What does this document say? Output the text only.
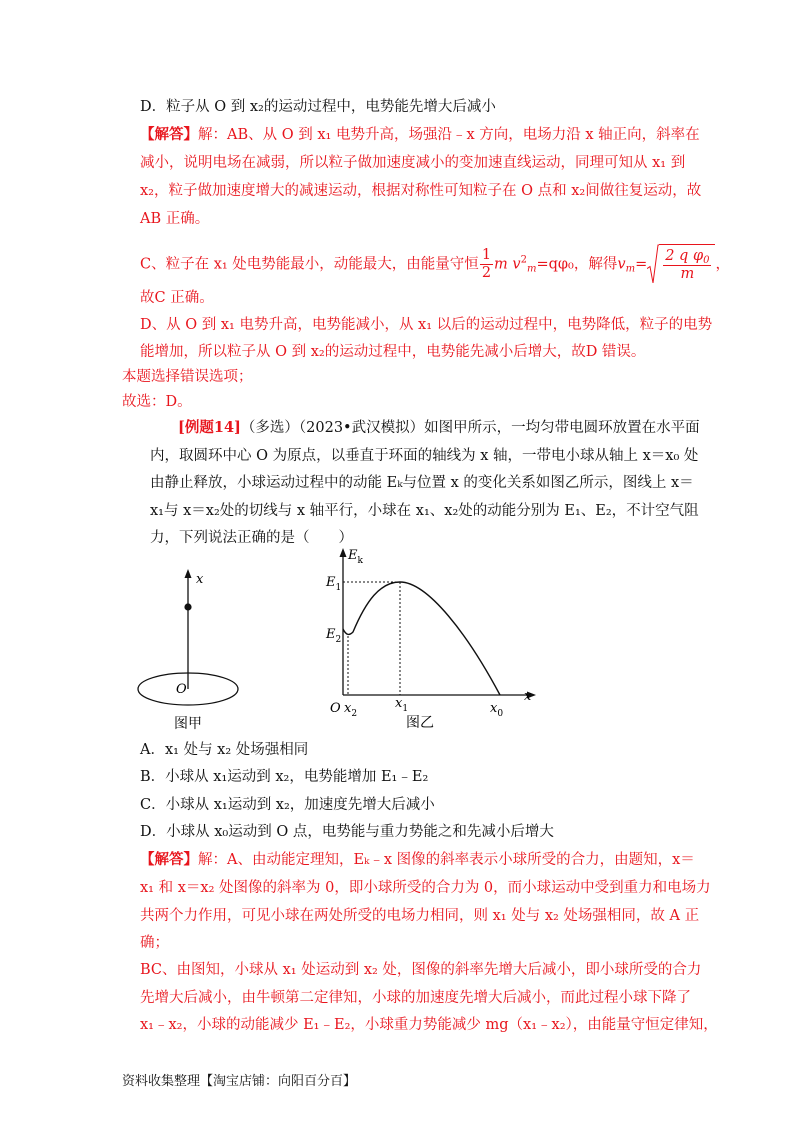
D．粒子从 O 到 x₂的运动过程中，电势能先增大后减小
【解答】解：AB、从 O 到 x₁ 电势升高，场强沿﹣x 方向，电场力沿 x 轴正向，斜率在
减小，说明电场在减弱，所以粒子做加速度减小的变加速直线运动，同理可知从 x₁ 到
x₂，粒子做加速度增大的减速运动，根据对称性可知粒子在 O 点和 x₂间做往复运动，故
AB 正确。
C、粒子在 x₁ 处电势能最小，动能最大，由能量守恒 $\frac{1}{2}$ m $v^2_m=q\varphi_0$，解得$v_m= \frac{2 q \varphi_0}{m}$ ，
故C 正确。
D、从 O 到 x₁ 电势升高，电势能减小，从 x₁ 以后的运动过程中，电势降低，粒子的电势
能增加，所以粒子从 O 到 x₂的运动过程中，电势能先减小后增大，故D 错误。
本题选择错误选项；
故选：D。
[例题14]（多选）（2023•武汉模拟）如图甲所示，一均匀带电圆环放置在水平面
内，取圆环中心 O 为原点，以垂直于环面的轴线为 x 轴，一带电小球从轴上 x＝x₀ 处
由静止释放，小球运动过程中的动能 Eₖ与位置 x 的变化关系如图乙所示，图线上 x＝
x₁与 x＝x₂处的切线与 x 轴平行，小球在 x₁、x₂处的动能分别为 E₁、E₂，不计空气阻
力，下列说法正确的是（　　）
x
O
图甲
$E_k$
$E_1$
$E_2$
O $x_2$
$x_1$	$x_0$
x
图乙
A．x₁ 处与 x₂ 处场强相同
B．小球从 x₁运动到 x₂，电势能增加 E₁﹣E₂
C．小球从 x₁运动到 x₂，加速度先增大后减小
D．小球从 x₀运动到 O 点，电势能与重力势能之和先减小后增大
【解答】解：A、由动能定理知，Eₖ﹣x 图像的斜率表示小球所受的合力，由题知，x＝
x₁ 和 x＝x₂ 处图像的斜率为 0，即小球所受的合力为 0，而小球运动中受到重力和电场力
共两个力作用，可见小球在两处所受的电场力相同，则 x₁ 处与 x₂ 处场强相同，故 A 正
确；
BC、由图知，小球从 x₁ 处运动到 x₂ 处，图像的斜率先增大后减小，即小球所受的合力
先增大后减小，由牛顿第二定律知，小球的加速度先增大后减小，而此过程小球下降了
x₁﹣x₂，小球的动能减少 E₁﹣E₂，小球重力势能减少 mg（x₁﹣x₂），由能量守恒定律知，
资料收集整理【淘宝店铺：向阳百分百】
